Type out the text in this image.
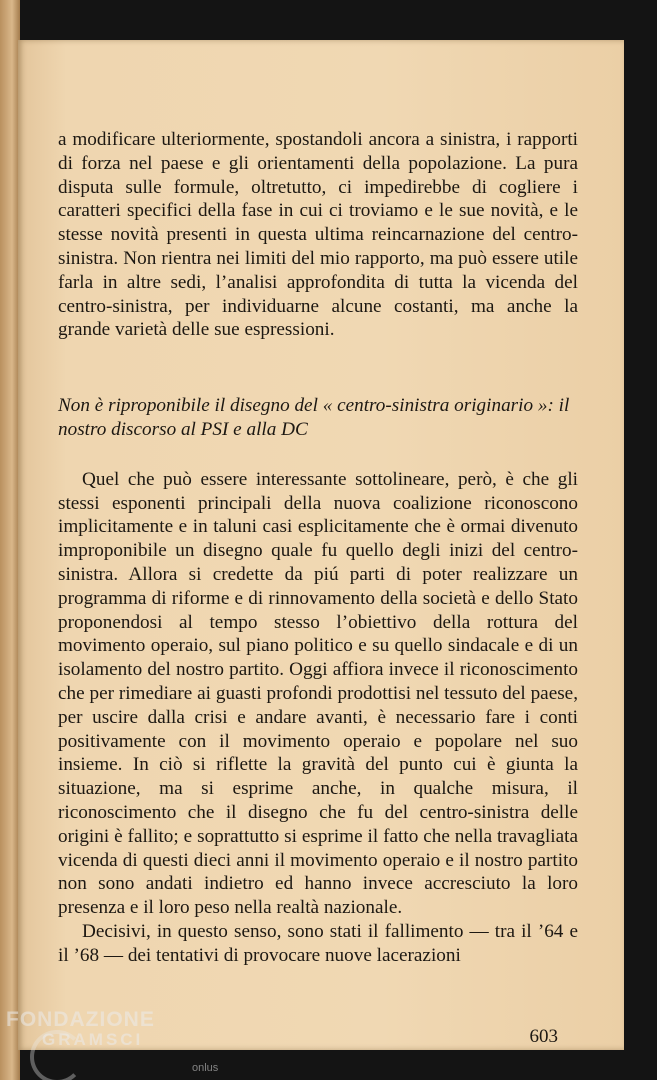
a modificare ulteriormente, spostandoli ancora a sinistra, i rapporti di forza nel paese e gli orientamenti della popolazione. La pura disputa sulle formule, oltretutto, ci impedirebbe di cogliere i caratteri specifici della fase in cui ci troviamo e le sue novità, e le stesse novità presenti in questa ultima reincarnazione del centro-sinistra. Non rientra nei limiti del mio rapporto, ma può essere utile farla in altre sedi, l’analisi approfondita di tutta la vicenda del centro-sinistra, per individuarne alcune costanti, ma anche la grande varietà delle sue espressioni.

Non è riproponibile il disegno del « centro-sinistra originario »: il nostro discorso al PSI e alla DC

Quel che può essere interessante sottolineare, però, è che gli stessi esponenti principali della nuova coalizione riconoscono implicitamente e in taluni casi esplicitamente che è ormai divenuto improponibile un disegno quale fu quello degli inizi del centro-sinistra. Allora si credette da piú parti di poter realizzare un programma di riforme e di rinnovamento della società e dello Stato proponendosi al tempo stesso l’obiettivo della rottura del movimento operaio, sul piano politico e su quello sindacale e di un isolamento del nostro partito. Oggi affiora invece il riconoscimento che per rimediare ai guasti profondi prodottisi nel tessuto del paese, per uscire dalla crisi e andare avanti, è necessario fare i conti positivamente con il movimento operaio e popolare nel suo insieme. In ciò si riflette la gravità del punto cui è giunta la situazione, ma si esprime anche, in qualche misura, il riconoscimento che il disegno che fu del centro-sinistra delle origini è fallito; e soprattutto si esprime il fatto che nella travagliata vicenda di questi dieci anni il movimento operaio e il nostro partito non sono andati indietro ed hanno invece accresciuto la loro presenza e il loro peso nella realtà nazionale.

Decisivi, in questo senso, sono stati il fallimento — tra il ’64 e il ’68 — dei tentativi di provocare nuove lacerazioni

603
FONDAZIONE
GRAMSCI
onlus
